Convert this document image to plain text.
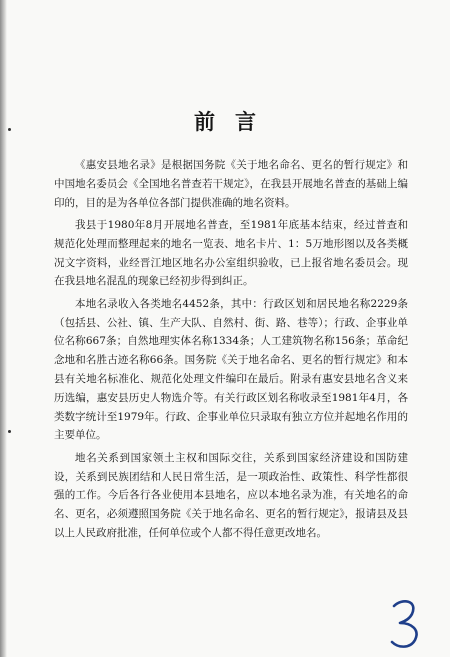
前言

《惠安县地名录》是根据国务院《关于地名命名、更名的暂行规定》和中国地名委员会《全国地名普查若干规定》，在我县开展地名普查的基础上编印的，目的是为各单位各部门提供准确的地名资料。

我县于1980年8月开展地名普查，至1981年底基本结束，经过普查和规范化处理而整理起来的地名一览表、地名卡片、1：5万地形图以及各类概况文字资料，业经晋江地区地名办公室组织验收，已上报省地名委员会。现在我县地名混乱的现象已经初步得到纠正。

本地名录收入各类地名4452条，其中：行政区划和居民地名称2229条（包括县、公社、镇、生产大队、自然村、街、路、巷等）；行政、企事业单位名称667条；自然地理实体名称1334条；人工建筑物名称156条；革命纪念地和名胜古迹名称66条。国务院《关于地名命名、更名的暂行规定》和本县有关地名标准化、规范化处理文件编印在最后。附录有惠安县地名含义来历选编，惠安县历史人物选介等。有关行政区划名称收录至1981年4月，各类数字统计至1979年。行政、企事业单位只录取有独立方位并起地名作用的主要单位。

地名关系到国家领土主权和国际交往，关系到国家经济建设和国防建设，关系到民族团结和人民日常生活，是一项政治性、政策性、科学性都很强的工作。今后各行各业使用本县地名，应以本地名录为准，有关地名的命名、更名，必须遵照国务院《关于地名命名、更名的暂行规定》，报请县及县以上人民政府批准，任何单位或个人都不得任意更改地名。
